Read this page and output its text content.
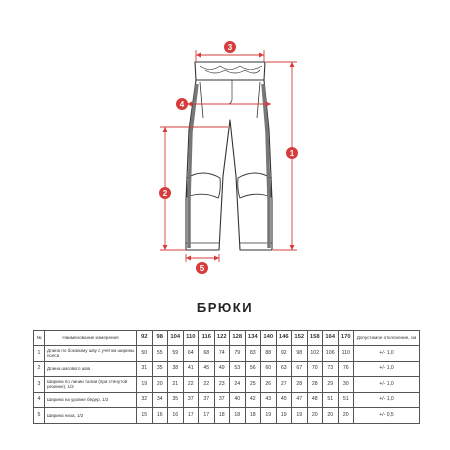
3
1
4
2
5
БРЮКИ
№	Наименование измерения	92	98	104	110	116	122	128	134	140	146	152	158	164	170	Допустимое отклонение, см
1	Длина по боковому шву с учётом ширины пояса	50	55	59	64	68	74	79	83	88	92	98	102	106	110	+/- 1,0
2	Длина шагового шва	31	35	38	41	45	49	53	56	60	63	67	70	73	76	+/- 1,0
3	Ширина по линии талии (при стянутой резинке), 1/2	19	20	21	22	22	23	24	25	26	27	28	28	29	30	+/- 1,0
4	Ширина на уровне бёдер, 1/2	32	34	35	37	37	37	40	42	43	45	47	48	51	51	+/- 1,0
5	Ширина низа, 1/2	15	16	16	17	17	18	18	18	19	19	19	20	20	20	+/- 0,5
